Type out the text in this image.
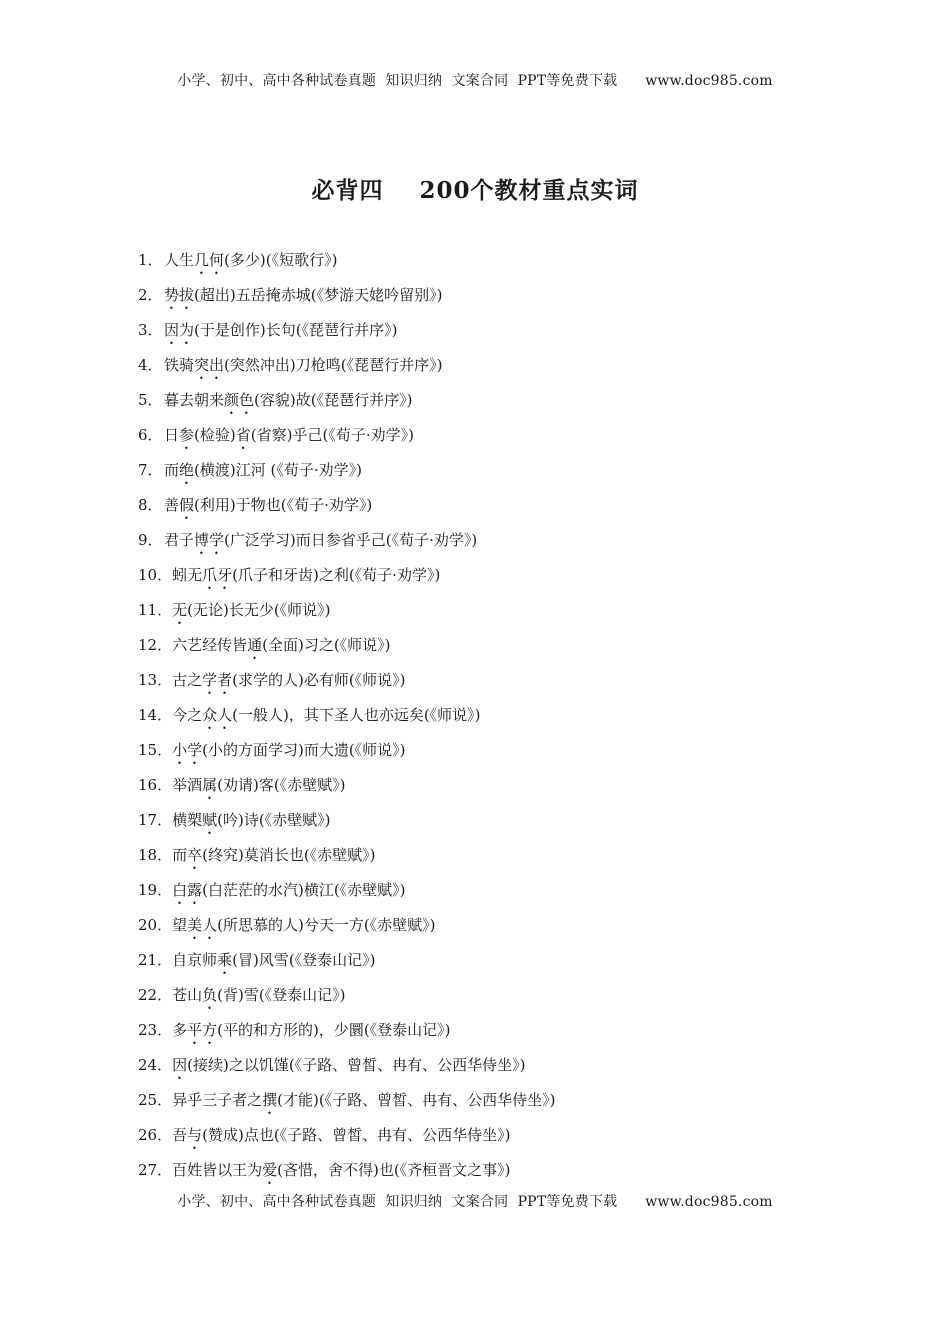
小学、初中、高中各种试卷真题  知识归纳  文案合同  PPT等免费下载      www.doc985.com
必背四    200个教材重点实词
1．人生几何(多少)(《短歌行》)
2．势拔(超出)五岳掩赤城(《梦游天姥吟留别》)
3．因为(于是创作)长句(《琵琶行并序》)
4．铁骑突出(突然冲出)刀枪鸣(《琵琶行并序》)
5．暮去朝来颜色(容貌)故(《琵琶行并序》)
6．日参(检验)省(省察)乎己(《荀子·劝学》)
7．而绝(横渡)江河 (《荀子·劝学》)
8．善假(利用)于物也(《荀子·劝学》)
9．君子博学(广泛学习)而日参省乎己(《荀子·劝学》)
10．蚓无爪牙(爪子和牙齿)之利(《荀子·劝学》)
11．无(无论)长无少(《师说》)
12．六艺经传皆通(全面)习之(《师说》)
13．古之学者(求学的人)必有师(《师说》)
14．今之众人(一般人)，其下圣人也亦远矣(《师说》)
15．小学(小的方面学习)而大遗(《师说》)
16．举酒属(劝请)客(《赤壁赋》)
17．横槊赋(吟)诗(《赤壁赋》)
18．而卒(终究)莫消长也(《赤壁赋》)
19．白露(白茫茫的水汽)横江(《赤壁赋》)
20．望美人(所思慕的人)兮天一方(《赤壁赋》)
21．自京师乘(冒)风雪(《登泰山记》)
22．苍山负(背)雪(《登泰山记》)
23．多平方(平的和方形的)，少圜(《登泰山记》)
24．因(接续)之以饥馑(《子路、曾皙、冉有、公西华侍坐》)
25．异乎三子者之撰(才能)(《子路、曾皙、冉有、公西华侍坐》)
26．吾与(赞成)点也(《子路、曾皙、冉有、公西华侍坐》)
27．百姓皆以王为爱(吝惜，舍不得)也(《齐桓晋文之事》)
小学、初中、高中各种试卷真题  知识归纳  文案合同  PPT等免费下载      www.doc985.com
